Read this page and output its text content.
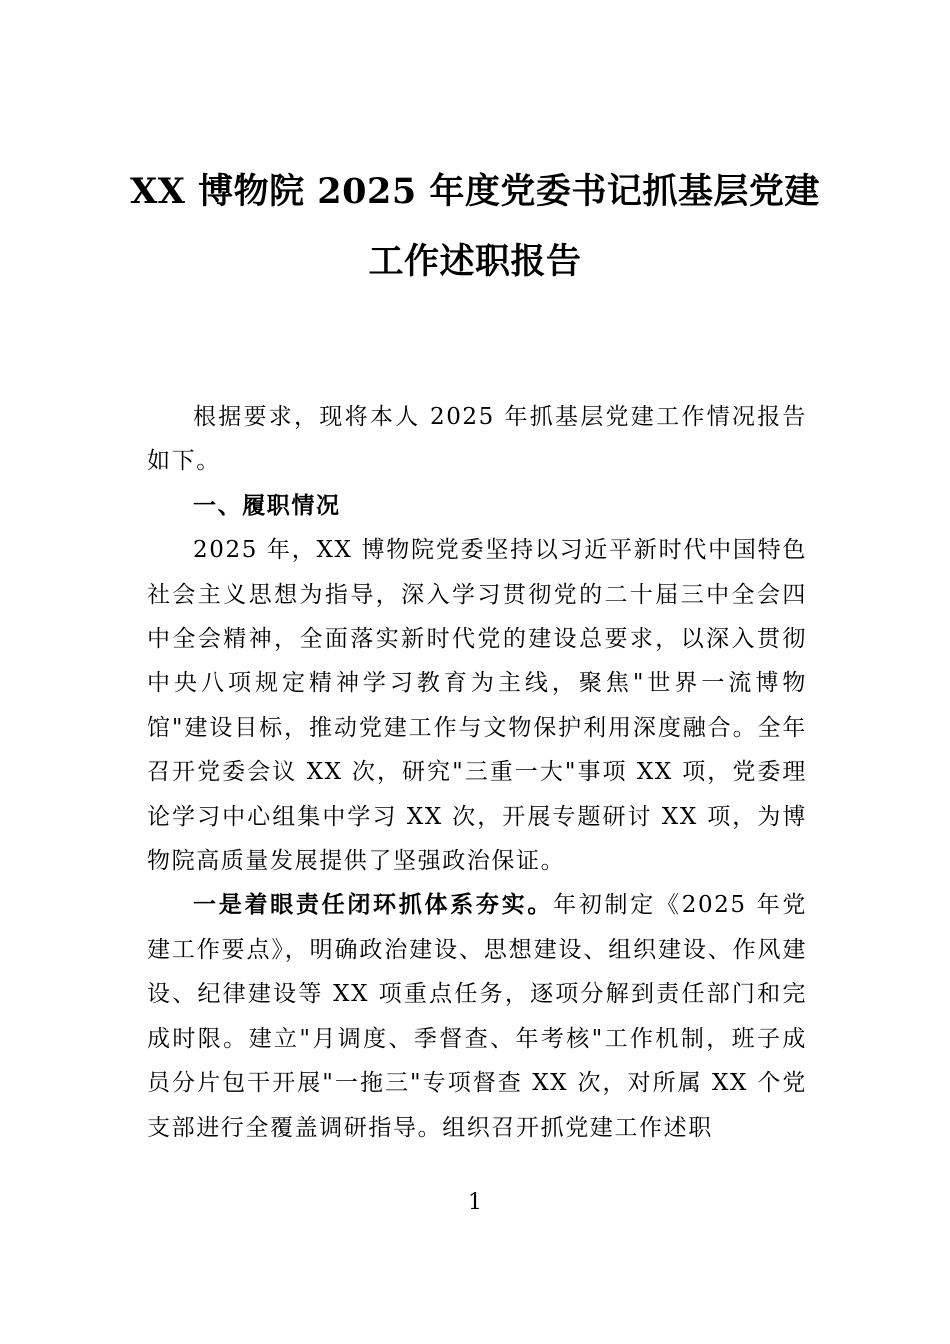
XX 博物院 2025 年度党委书记抓基层党建
工作述职报告

根据要求，现将本人 2025 年抓基层党建工作情况报告如下。

一、履职情况

2025 年，XX 博物院党委坚持以习近平新时代中国特色社会主义思想为指导，深入学习贯彻党的二十届三中全会四中全会精神，全面落实新时代党的建设总要求，以深入贯彻中央八项规定精神学习教育为主线，聚焦"世界一流博物馆"建设目标，推动党建工作与文物保护利用深度融合。全年召开党委会议 XX 次，研究"三重一大"事项 XX 项，党委理论学习中心组集中学习 XX 次，开展专题研讨 XX 项，为博物院高质量发展提供了坚强政治保证。

一是着眼责任闭环抓体系夯实。年初制定《2025 年党建工作要点》，明确政治建设、思想建设、组织建设、作风建设、纪律建设等 XX 项重点任务，逐项分解到责任部门和完成时限。建立"月调度、季督查、年考核"工作机制，班子成员分片包干开展"一拖三"专项督查 XX 次，对所属 XX 个党支部进行全覆盖调研指导。组织召开抓党建工作述职

1
